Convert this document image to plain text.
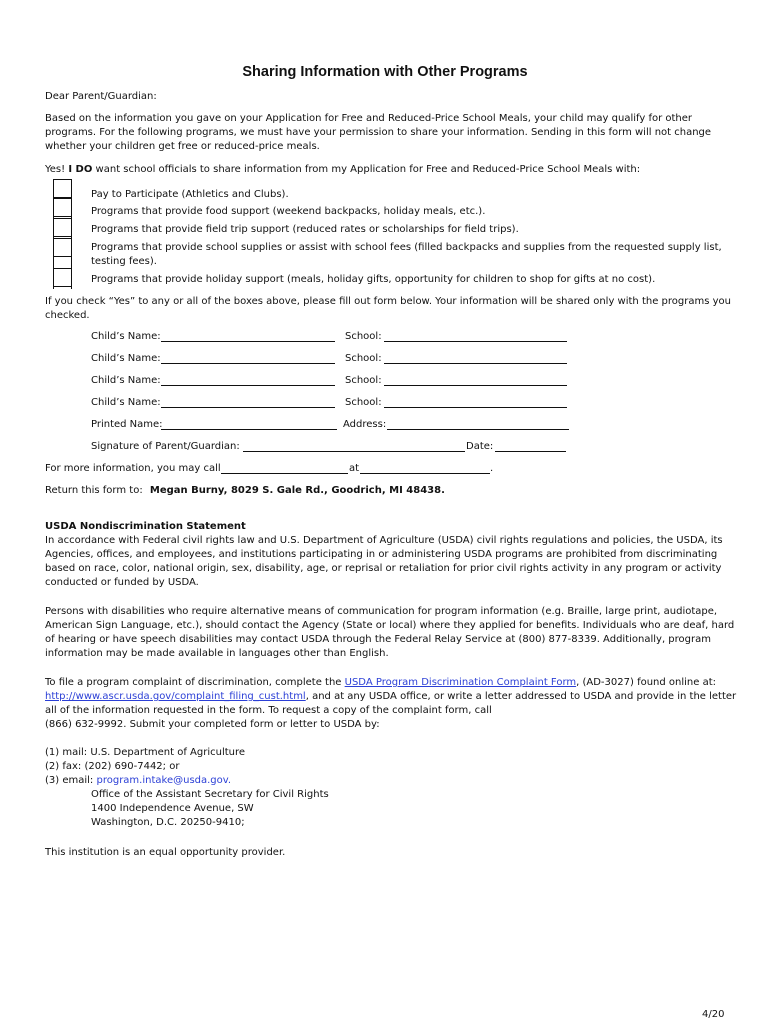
Sharing Information with Other Programs
Dear Parent/Guardian:
Based on the information you gave on your Application for Free and Reduced-Price School Meals, your child may qualify for other
programs. For the following programs, we must have your permission to share your information. Sending in this form will not change
whether your children get free or reduced-price meals.
Yes! I DO want school officials to share information from my Application for Free and Reduced-Price School Meals with:
Pay to Participate (Athletics and Clubs).
Programs that provide food support (weekend backpacks, holiday meals, etc.).
Programs that provide field trip support (reduced rates or scholarships for field trips).
Programs that provide school supplies or assist with school fees (filled backpacks and supplies from the requested supply list,
testing fees).
Programs that provide holiday support (meals, holiday gifts, opportunity for children to shop for gifts at no cost).
If you check “Yes” to any or all of the boxes above, please fill out form below. Your information will be shared only with the programs you
checked.
Child’s Name:	School:
Child’s Name:	School:
Child’s Name:	School:
Child’s Name:	School:
Printed Name:	Address:
Signature of Parent/Guardian:	Date:
For more information, you may call	at	.
Return this form to: Megan Burny, 8029 S. Gale Rd., Goodrich, MI 48438.
USDA Nondiscrimination Statement
In accordance with Federal civil rights law and U.S. Department of Agriculture (USDA) civil rights regulations and policies, the USDA, its
Agencies, offices, and employees, and institutions participating in or administering USDA programs are prohibited from discriminating
based on race, color, national origin, sex, disability, age, or reprisal or retaliation for prior civil rights activity in any program or activity
conducted or funded by USDA.
Persons with disabilities who require alternative means of communication for program information (e.g. Braille, large print, audiotape,
American Sign Language, etc.), should contact the Agency (State or local) where they applied for benefits. Individuals who are deaf, hard
of hearing or have speech disabilities may contact USDA through the Federal Relay Service at (800) 877-8339. Additionally, program
information may be made available in languages other than English.
To file a program complaint of discrimination, complete the USDA Program Discrimination Complaint Form, (AD-3027) found online at:
http://www.ascr.usda.gov/complaint_filing_cust.html, and at any USDA office, or write a letter addressed to USDA and provide in the letter
all of the information requested in the form. To request a copy of the complaint form, call
(866) 632-9992. Submit your completed form or letter to USDA by:
(1) mail: U.S. Department of Agriculture
(2) fax: (202) 690-7442; or
(3) email: program.intake@usda.gov.
Office of the Assistant Secretary for Civil Rights
1400 Independence Avenue, SW
Washington, D.C. 20250-9410;
This institution is an equal opportunity provider.
4/20
